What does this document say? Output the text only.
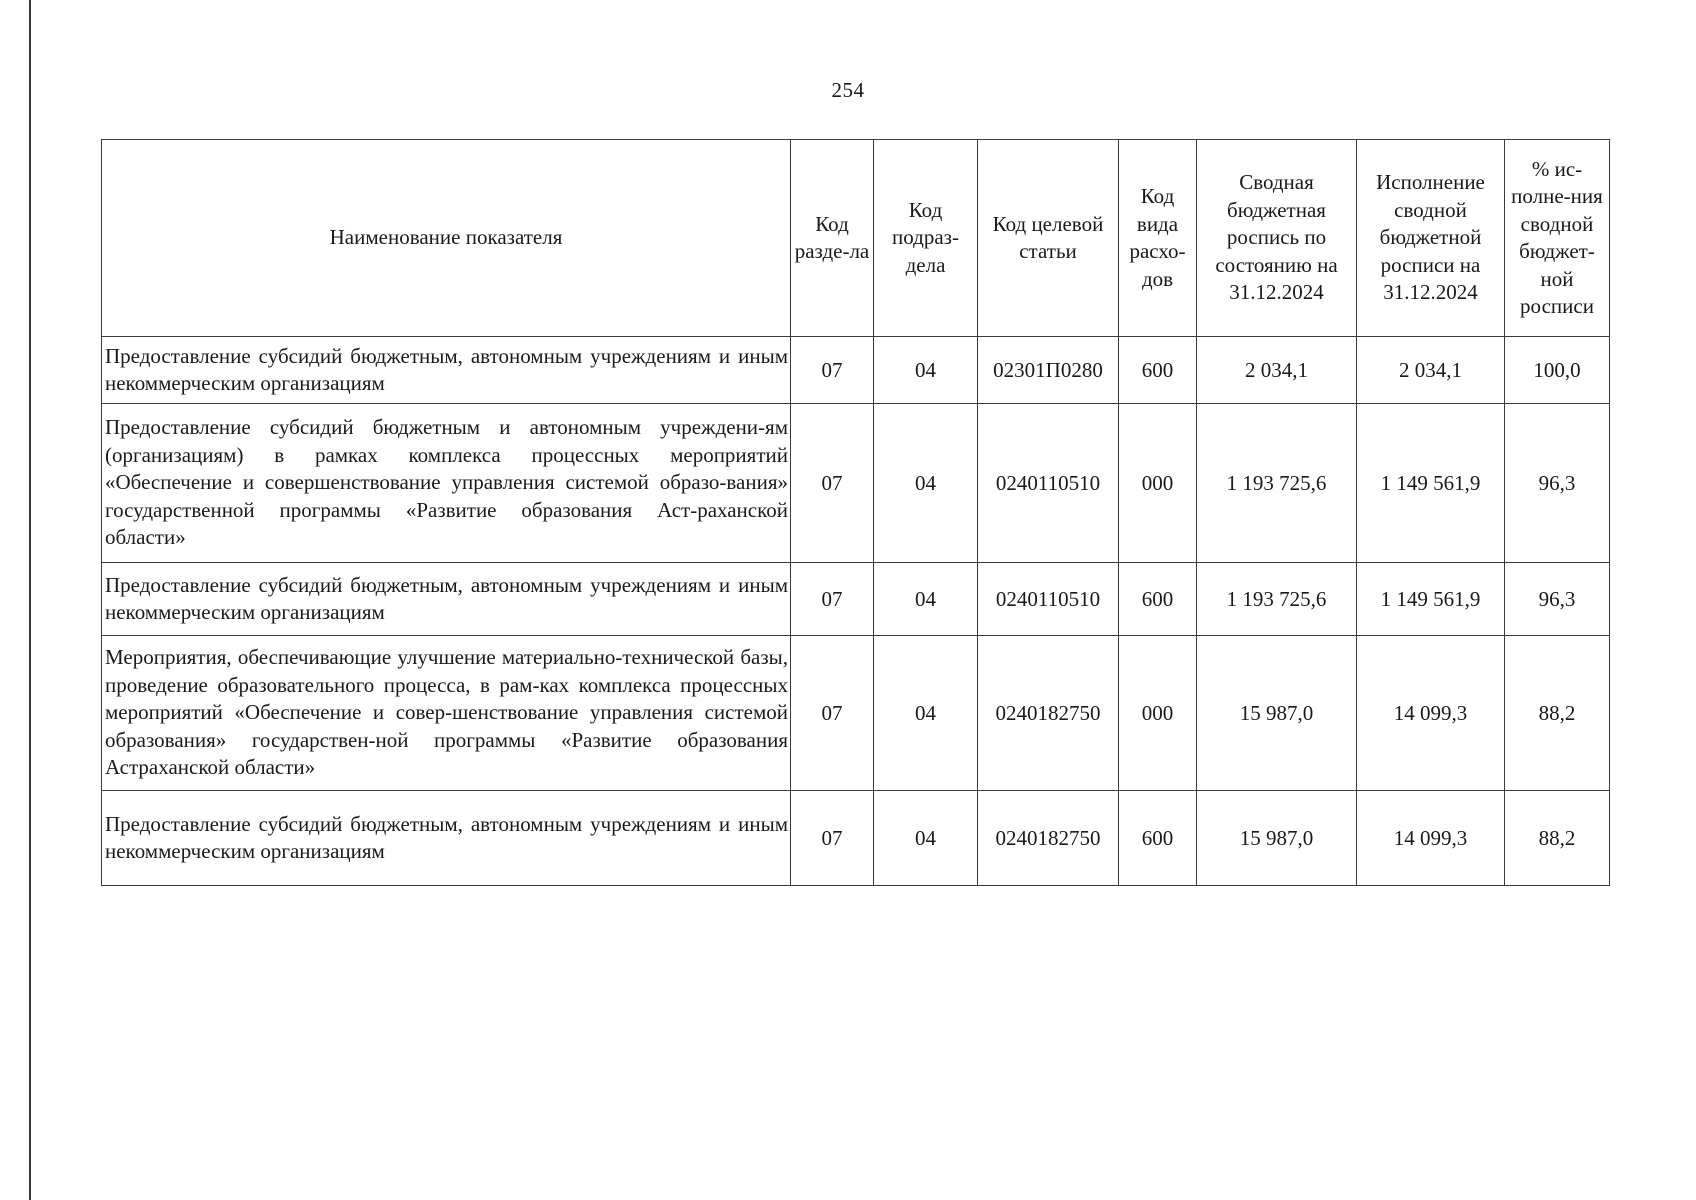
254
Наименование показателя	Код разде-ла	Код подраз-дела	Код целевой статьи	Код вида расхо-дов	Сводная бюджетная роспись по состоянию на 31.12.2024	Исполнение сводной бюджетной росписи на 31.12.2024	% ис-полне-ния сводной бюджет-ной росписи
Предоставление субсидий бюджетным, автономным учреждениям и иным некоммерческим организациям	07	04	02301П0280	600	2 034,1	2 034,1	100,0
Предоставление субсидий бюджетным и автономным учреждени-ям (организациям) в рамках комплекса процессных мероприятий «Обеспечение и совершенствование управления системой образо-вания» государственной программы «Развитие образования Аст-раханской области»	07	04	0240110510	000	1 193 725,6	1 149 561,9	96,3
Предоставление субсидий бюджетным, автономным учреждениям и иным некоммерческим организациям	07	04	0240110510	600	1 193 725,6	1 149 561,9	96,3
Мероприятия, обеспечивающие улучшение материально-технической базы, проведение образовательного процесса, в рам-ках комплекса процессных мероприятий «Обеспечение и совер-шенствование управления системой образования» государствен-ной программы «Развитие образования Астраханской области»	07	04	0240182750	000	15 987,0	14 099,3	88,2
Предоставление субсидий бюджетным, автономным учреждениям и иным некоммерческим организациям	07	04	0240182750	600	15 987,0	14 099,3	88,2
